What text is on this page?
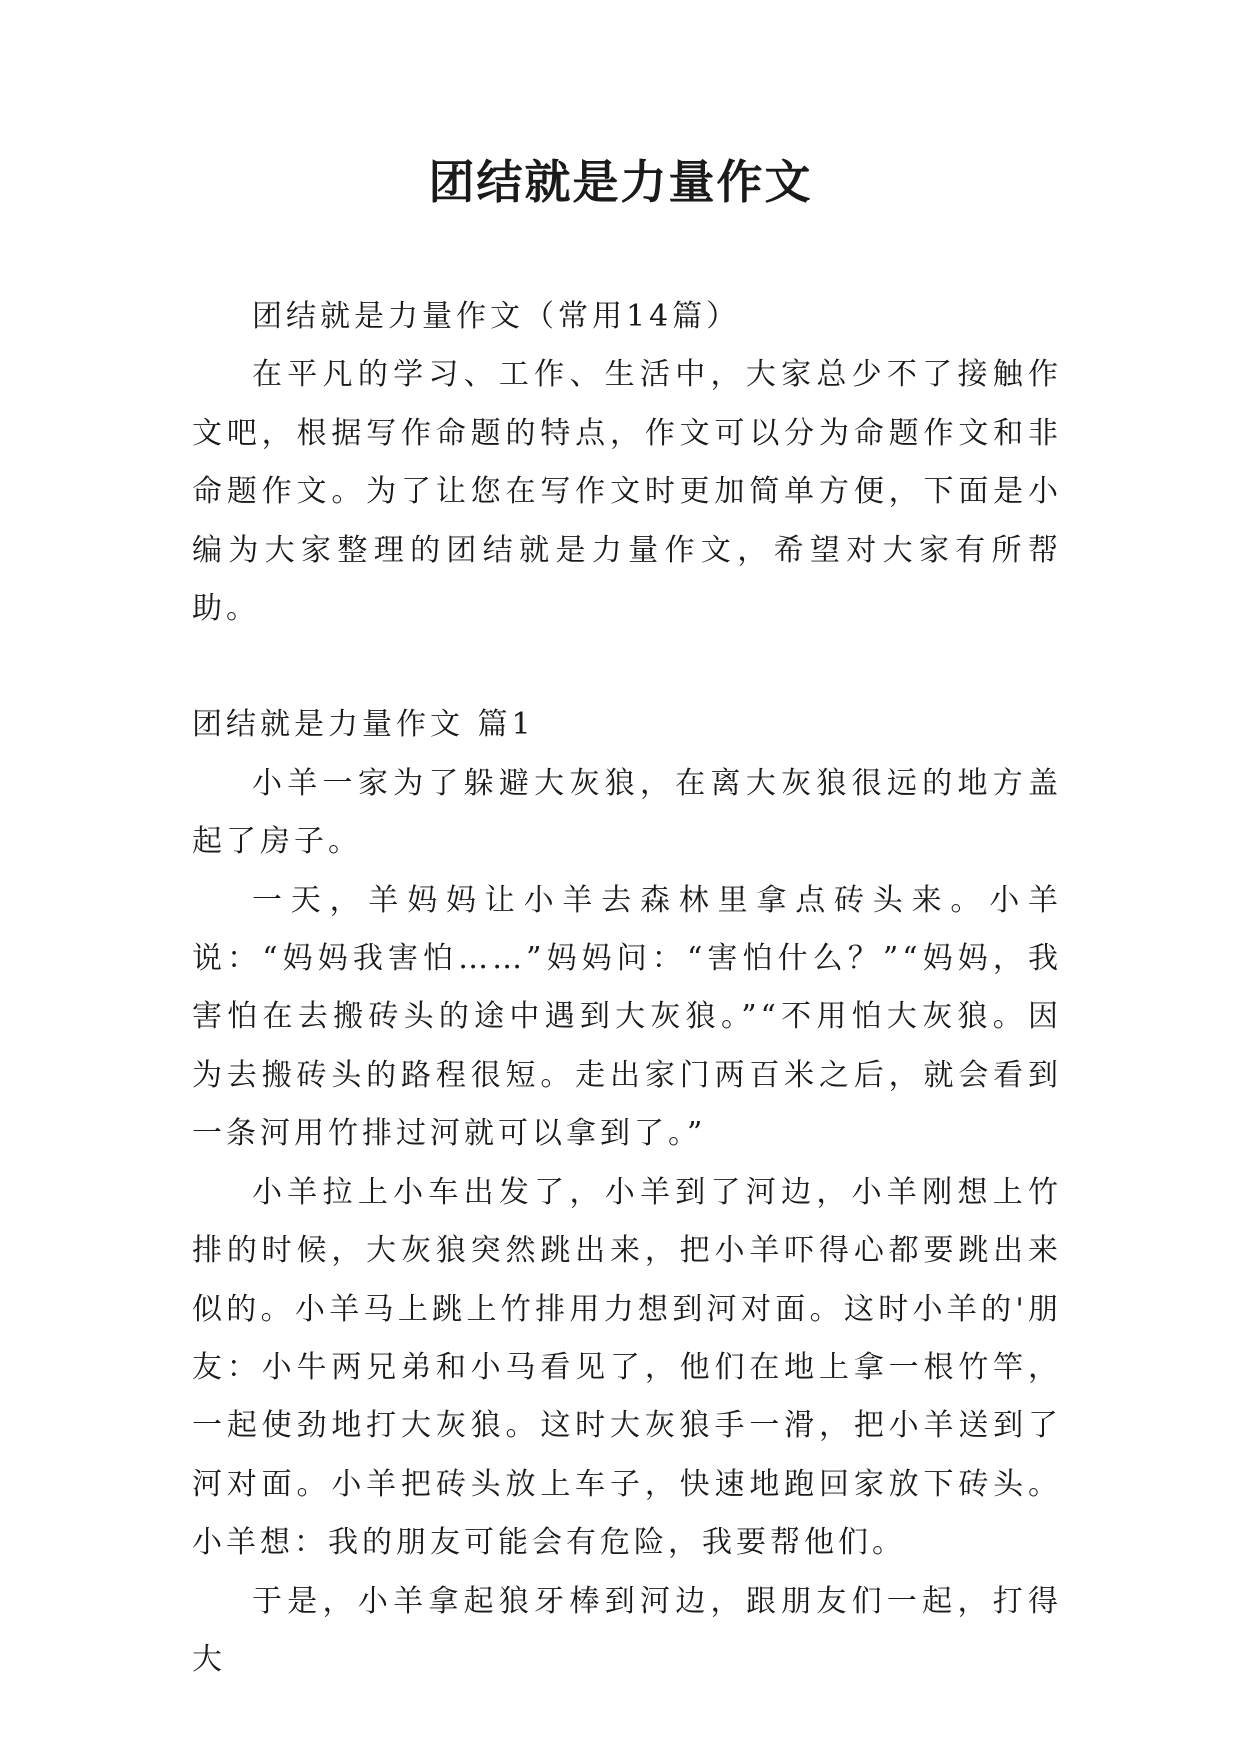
团结就是力量作文

团结就是力量作文（常用14篇）

在平凡的学习、工作、生活中，大家总少不了接触作文吧，根据写作命题的特点，作文可以分为命题作文和非命题作文。为了让您在写作文时更加简单方便，下面是小编为大家整理的团结就是力量作文，希望对大家有所帮助。

团结就是力量作文 篇1

小羊一家为了躲避大灰狼，在离大灰狼很远的地方盖起了房子。

一天，羊妈妈让小羊去森林里拿点砖头来。小羊说：“妈妈我害怕……”妈妈问：“害怕什么？”“妈妈，我害怕在去搬砖头的途中遇到大灰狼。”“不用怕大灰狼。因为去搬砖头的路程很短。走出家门两百米之后，就会看到一条河用竹排过河就可以拿到了。”

小羊拉上小车出发了，小羊到了河边，小羊刚想上竹排的时候，大灰狼突然跳出来，把小羊吓得心都要跳出来似的。小羊马上跳上竹排用力想到河对面。这时小羊的'朋友：小牛两兄弟和小马看见了，他们在地上拿一根竹竿，一起使劲地打大灰狼。这时大灰狼手一滑，把小羊送到了河对面。小羊把砖头放上车子，快速地跑回家放下砖头。小羊想：我的朋友可能会有危险，我要帮他们。

于是，小羊拿起狼牙棒到河边，跟朋友们一起，打得大
